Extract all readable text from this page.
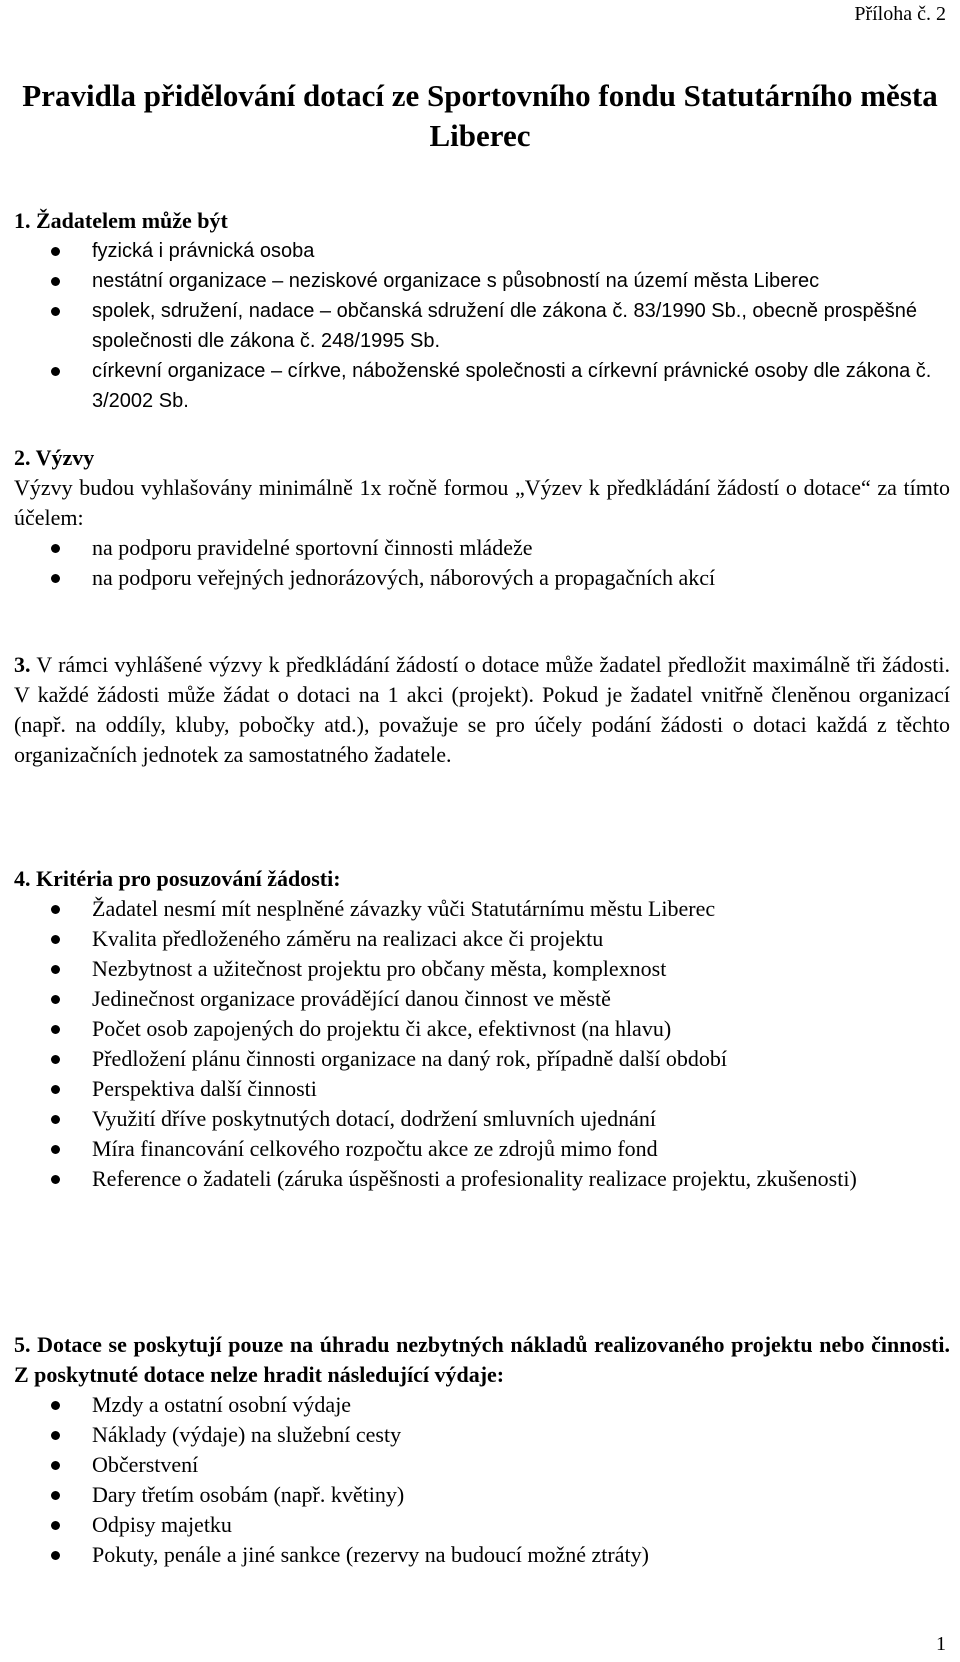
Příloha č. 2
Pravidla přidělování dotací ze Sportovního fondu Statutárního města Liberec

1. Žadatelem může být

fyzická i právnická osoba
nestátní organizace – neziskové organizace s působností na území města Liberec
spolek, sdružení, nadace – občanská sdružení dle zákona č. 83/1990 Sb., obecně prospěšné společnosti dle zákona č. 248/1995 Sb.
církevní organizace – církve, náboženské společnosti a církevní právnické osoby dle zákona č. 3/2002 Sb.

2. Výzvy

Výzvy budou vyhlašovány minimálně 1x ročně formou „Výzev k předkládání žádostí o dotace“ za tímto účelem:

na podporu pravidelné sportovní činnosti mládeže
na podporu veřejných jednorázových, náborových a propagačních akcí

3. V rámci vyhlášené výzvy k předkládání žádostí o dotace může žadatel předložit maximálně tři žádosti. V každé žádosti může žádat o dotaci na 1 akci (projekt). Pokud je žadatel vnitřně členěnou organizací (např. na oddíly, kluby, pobočky atd.), považuje se pro účely podání žádosti o dotaci každá z těchto organizačních jednotek za samostatného žadatele.

4. Kritéria pro posuzování žádosti:

Žadatel nesmí mít nesplněné závazky vůči Statutárnímu městu Liberec
Kvalita předloženého záměru na realizaci akce či projektu
Nezbytnost a užitečnost projektu pro občany města, komplexnost
Jedinečnost organizace provádějící danou činnost ve městě
Počet osob zapojených do projektu či akce, efektivnost (na hlavu)
Předložení plánu činnosti organizace na daný rok, případně další období
Perspektiva další činnosti
Využití dříve poskytnutých dotací, dodržení smluvních ujednání
Míra financování celkového rozpočtu akce ze zdrojů mimo fond
Reference o žadateli (záruka úspěšnosti a profesionality realizace projektu, zkušenosti)

5. Dotace se poskytují pouze na úhradu nezbytných nákladů realizovaného projektu nebo činnosti. Z poskytnuté dotace nelze hradit následující výdaje:

Mzdy a ostatní osobní výdaje
Náklady (výdaje) na služební cesty
Občerstvení
Dary třetím osobám (např. květiny)
Odpisy majetku
Pokuty, penále a jiné sankce (rezervy na budoucí možné ztráty)
1
